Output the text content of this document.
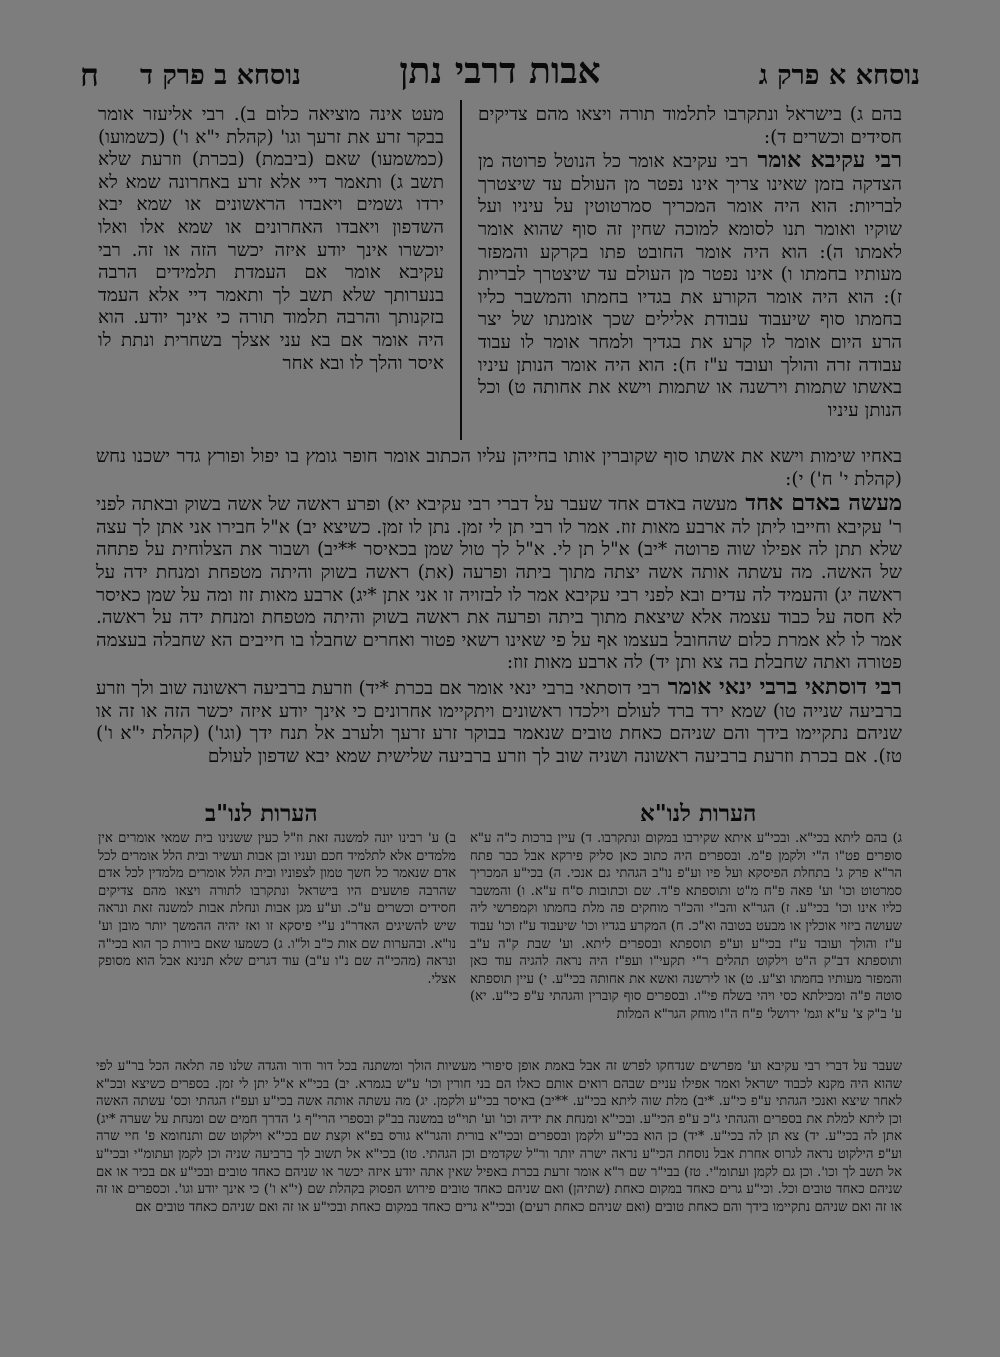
נוסחא א פרק ג
אבות דרבי נתן
נוסחא ב פרק ד
ח

בהם ג) בישראל ונתקרבו לתלמוד תורה ויצאו מהם צדיקים חסידים וכשרים ד):

רבי עקיבא אומר רבי עקיבא אומר כל הנוטל פרוטה מן הצדקה בזמן שאינו צריך אינו נפטר מן העולם עד שיצטרך לבריות: הוא היה אומר המכריך סמרטוטין על עיניו ועל שוקיו ואומר תנו לסומא למוכה שחין זה סוף שהוא אומר לאמתו ה): הוא היה אומר החובט פתו בקרקע והמפזר מעותיו בחמתו ו) אינו נפטר מן העולם עד שיצטרך לבריות ז): הוא היה אומר הקורע את בגדיו בחמתו והמשבר כליו בחמתו סוף שיעבוד עבודת אלילים שכך אומנתו של יצר הרע היום אומר לו קרע את בגדיך ולמחר אומר לו עבוד עבודה זרה והולך ועובד ע"ז ח): הוא היה אומר הנותן עיניו באשתו שתמות וירשנה או שתמות וישא את אחותה ט) וכל הנותן עיניו

מעט אינה מוציאה כלום ב). רבי אליעזר אומר בבקר זרע את זרעך וגו' (קהלת י"א ו') (כשמועו) (כמשמעו) שאם (ביבמת) (בכרת) וזרעת שלא תשב ג) ותאמר דיי אלא זרע באחרונה שמא לא ירדו גשמים ויאבדו הראשונים או שמא יבא השדפון ויאבדו האחרונים או שמא אלו ואלו יוכשרו אינך יודע איזה יכשר הזה או זה. רבי עקיבא אומר אם העמדת תלמידים הרבה בנערותך שלא תשב לך ותאמר דיי אלא העמד בזקנותך והרבה תלמוד תורה כי אינך יודע. הוא היה אומר אם בא עני אצלך בשחרית ונתת לו איסר והלך לו ובא אחר

באחיו שימות וישא את אשתו סוף שקוברין אותו בחייהן עליו הכתוב אומר חופר גומץ בו יפול ופורץ גדר ישכנו נחש (קהלת י' ח') י):

מעשה באדם אחד מעשה באדם אחד שעבר על דברי רבי עקיבא יא) ופרע ראשה של אשה בשוק ובאתה לפני ר' עקיבא וחייבו ליתן לה ארבע מאות זוז. אמר לו רבי תן לי זמן. נתן לו זמן. כשיצא יב) א"ל חבירו אני אתן לך עצה שלא תתן לה אפילו שוה פרוטה *יב) א"ל תן לי. א"ל לך טול שמן בכאיסר **יב) ושבור את הצלוחית על פתחה של האשה. מה עשתה אותה אשה יצתה מתוך ביתה ופרעה (את) ראשה בשוק והיתה מטפחת ומנחת ידה על ראשה יג) והעמיד לה עדים ובא לפני רבי עקיבא אמר לו לבזויה זו אני אתן *יג) ארבע מאות זוז ומה על שמן כאיסר לא חסה על כבוד עצמה אלא שיצאת מתוך ביתה ופרעה את ראשה בשוק והיתה מטפחת ומנחת ידה על ראשה. אמר לו לא אמרת כלום שהחובל בעצמו אף על פי שאינו רשאי פטור ואחרים שחבלו בו חייבים הא שחבלה בעצמה פטורה ואתה שחבלת בה צא ותן יד) לה ארבע מאות זוז:

רבי דוסתאי ברבי ינאי אומר רבי דוסתאי ברבי ינאי אומר אם בכרת *יד) וזרעת ברביעה ראשונה שוב ולך וזרע ברביעה שנייה טו) שמא ירד ברד לעולם וילכדו ראשונים ויתקיימו אחרונים כי אינך יודע איזה יכשר הזה או זה או שניהם נתקיימו בידך והם שניהם כאחת טובים שנאמר בבוקר זרע זרעך ולערב אל תנח ידך (וגו') (קהלת י"א ו') טז). אם בכרת וזרעת ברביעה ראשונה ושניה שוב לך וזרע ברביעה שלישית שמא יבא שדפון לעולם

הערות לנו"א
הערות לנו"ב

ג) בהם ליתא בכי"א. ובכי"ע איתא שקירבו במקום ונתקרבו. ד) עיין ברכות כ"ה ע"א סופרים פט"ו ה"י ולקמן פ"מ. ובספרים היה כתוב כאן סליק פירקא אבל כבר פתח הר"א פרק ג' בתחלת הפיסקא ועל פיו וע"פ נו"ב הגהתי גם אנכי. ה) בכי"ע המכריך סמרטוט וכו' וע' פאה פ"ח מ"ט ותוספתא פ"ד. שם וכתובות ס"ח ע"א. ו) והמשבר כליו אינו וכו' בכי"ע. ז) הגר"א והב"י והכ"ר מוחקים פה מלת בחמתו וקמפרשי ליה שעושה ביזוי אוכלין או מבעט בטובה וא"כ. ח) המקרע בגדיו וכו' שיעבוד ע"ז וכו' עבוד ע"ז והולך ועובד ע"ז בכי"ע וע"פ תוספתא ובספרים ליתא. וע' שבת ק"ה ע"ב ותוספתא דב"ק ה"ט וילקוט תהלים ר"י תקעי"ו ועפ"ז היה נראה להגיה עוד כאן והמפזר מעותיו בחמתו וצ"ע. ט) או לירשנה ואשא את אחותה בכי"ע. י) עיין תוספתא סוטה פ"ה ומכילתא כסי ויהי בשלח פי"ו. ובספרים סוף קוברין והגהתי ע"פ כי"ע. יא) ע' ב"ק צ' ע"א וגמ' ירושל' פ"ח ה"ו מוחק הגר"א המלות

ב) ע' רבינו יונה למשנה זאת וז"ל כעין ששנינו בית שמאי אומרים אין מלמדים אלא לתלמיד חכם ועניו ובן אבות ועשיר ובית הלל אומרים לכל אדם שנאמר כל חשך טמון לצפוניו ובית הלל אומרים מלמדין לכל אדם שהרבה פושעים היו בישראל ונתקרבו לתורה ויצאו מהם צדיקים חסידים וכשרים ע"כ. וע"ע מגן אבות ונחלת אבות למשנה זאת ונראה שיש להשיגים האדר"נ ע"י פיסקא זו ואז יהיה ההמשך יותר מובן וע' נו"א. ובהערות שם אות כ"ב ול"ו. ג) כשמעו שאם ביורת כך הוא בכי"ה ונראה (מהכי"ה שם נ"ו ע"ב) עוד דגרים שלא תנינא אבל הוא מסופק אצלי.

שעבר על דברי רבי עקיבא וע' מפרשים שנדחקו לפרש זה אבל באמת אופן סיפורי מעשיות הולך ומשתנה בכל דור ודור והגדה שלנו פה תלאה הכל בר"ע לפי שהוא היה מקנא לכבוד ישראל ואמר אפילו עניים שבהם רואים אותם כאלו הם בני חורין וכו' ע"ש בגמרא. יב) בכי"א א"ל יתן לי זמן. בספרים כשיצא ובכ"א לאחר שיצא ואנכי הגהתי ע"פ כי"ע. *יב) מלת שוה ליתא בכי"ע. **יב) באיסר בכי"ע ולקמן. יג) מה עשתה אותה אשה בכי"ע ועפ"ז הגהתי וכס' עשתה האשה וכן ליתא למלת את בספרים והגהתי ג"כ ע"פ הכי"ע. ובכי"א ומנחת את ידיה וכו' וע' תוי"ט במשנה בב"ק ובספרי הרי"ף ג' הדרך חמים שם ומנחת על שערה *יג) אתן לה בכי"ע. יד) צא תן לה בכי"ע. *יד) כן הוא בכי"ע ולקמן ובספרים ובכי"א בורית והגר"א גורס בפ"א וקצת שם בכי"א וילקוט שם ותנחומא פ' חיי שרה וע"פ הילקוט נראה לגרוס אחרת אבל נוסחת הכי"ע נראה ישרה יותר ור"ל שקדמים וכן הגהתי. טו) בכי"א אל תשוב לך ברביעה שניה וכן לקמן ועתומ"י ובכי"ע אל תשב לך וכו'. וכן גם לקמן ועתומ"י. טז) בבי"ר שם ר"א אומר זרעת בכרת באפיל שאין אתה יודע איזה יכשר או שניהם כאחד טובים ובכי"ע אם בכיר או אם שניהם כאחד טובים וכל. וכי"ע גרים כאחד במקום כאחת (שתיהן) ואם שניהם כאחד טובים פירוש הפסוק בקהלת שם (י"א ו') כי אינך יודע וגו'. וכספרים או זה או זה ואם שניהם נתקיימו בידך והם כאחת טובים (ואם שניהם כאחת רעים) ובכי"א גרים כאחד במקום כאחת ובכי"ע או זה ואם שניהם כאחד טובים אם
